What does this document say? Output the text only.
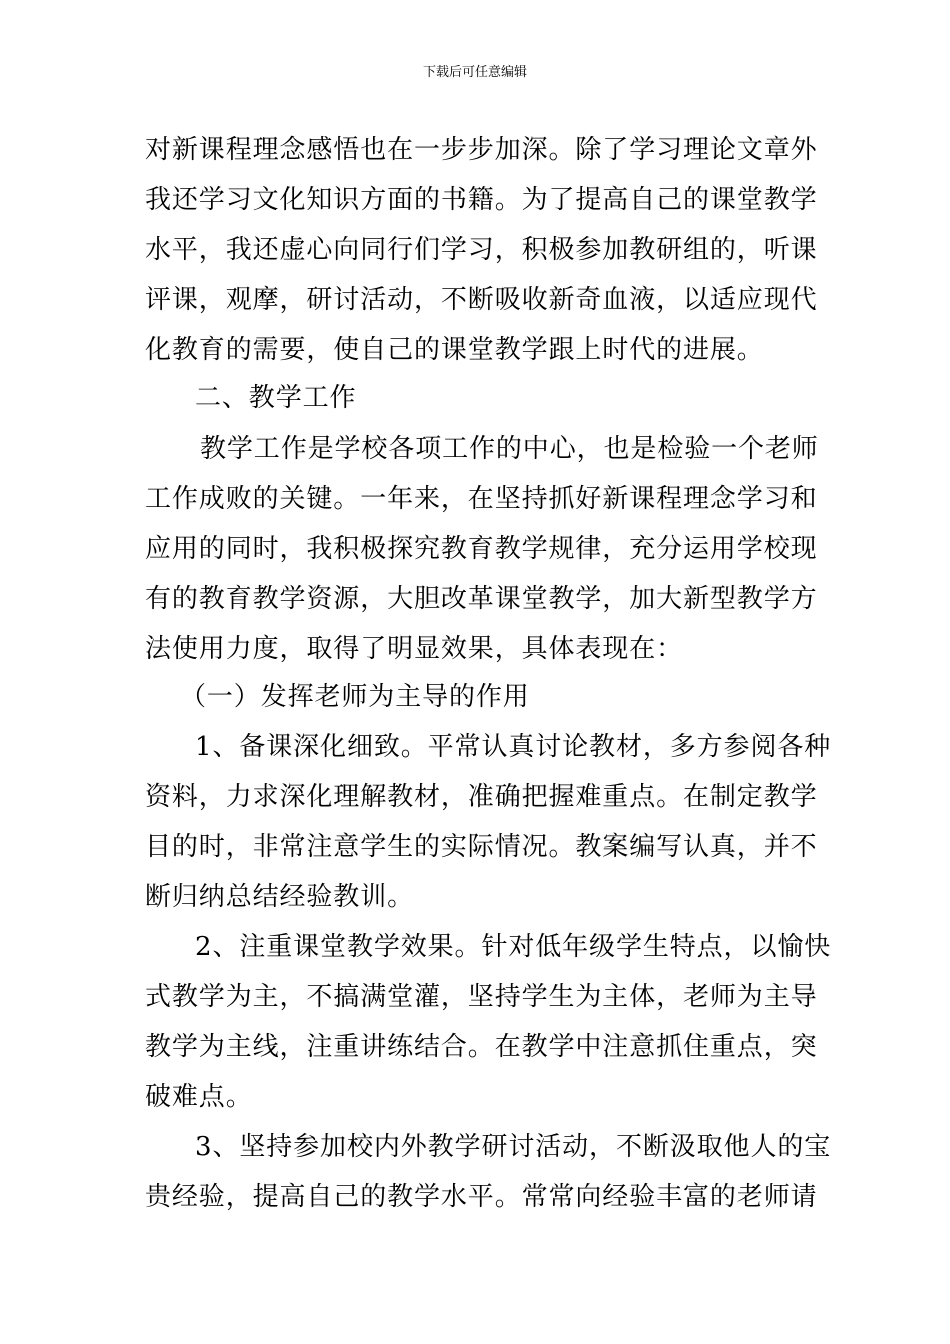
下载后可任意编辑
对新课程理念感悟也在一步步加深。除了学习理论文章外
我还学习文化知识方面的书籍。为了提高自己的课堂教学
水平，我还虚心向同行们学习，积极参加教研组的，听课
评课，观摩，研讨活动，不断吸收新奇血液，以适应现代
化教育的需要，使自己的课堂教学跟上时代的进展。
二、教学工作
教学工作是学校各项工作的中心，也是检验一个老师
工作成败的关键。一年来，在坚持抓好新课程理念学习和
应用的同时，我积极探究教育教学规律，充分运用学校现
有的教育教学资源，大胆改革课堂教学，加大新型教学方
法使用力度，取得了明显效果，具体表现在：
（一）发挥老师为主导的作用
1、备课深化细致。平常认真讨论教材，多方参阅各种
资料，力求深化理解教材，准确把握难重点。在制定教学
目的时，非常注意学生的实际情况。教案编写认真，并不
断归纳总结经验教训。
2、注重课堂教学效果。针对低年级学生特点，以愉快
式教学为主，不搞满堂灌，坚持学生为主体，老师为主导
教学为主线，注重讲练结合。在教学中注意抓住重点，突
破难点。
3、坚持参加校内外教学研讨活动，不断汲取他人的宝
贵经验，提高自己的教学水平。常常向经验丰富的老师请
